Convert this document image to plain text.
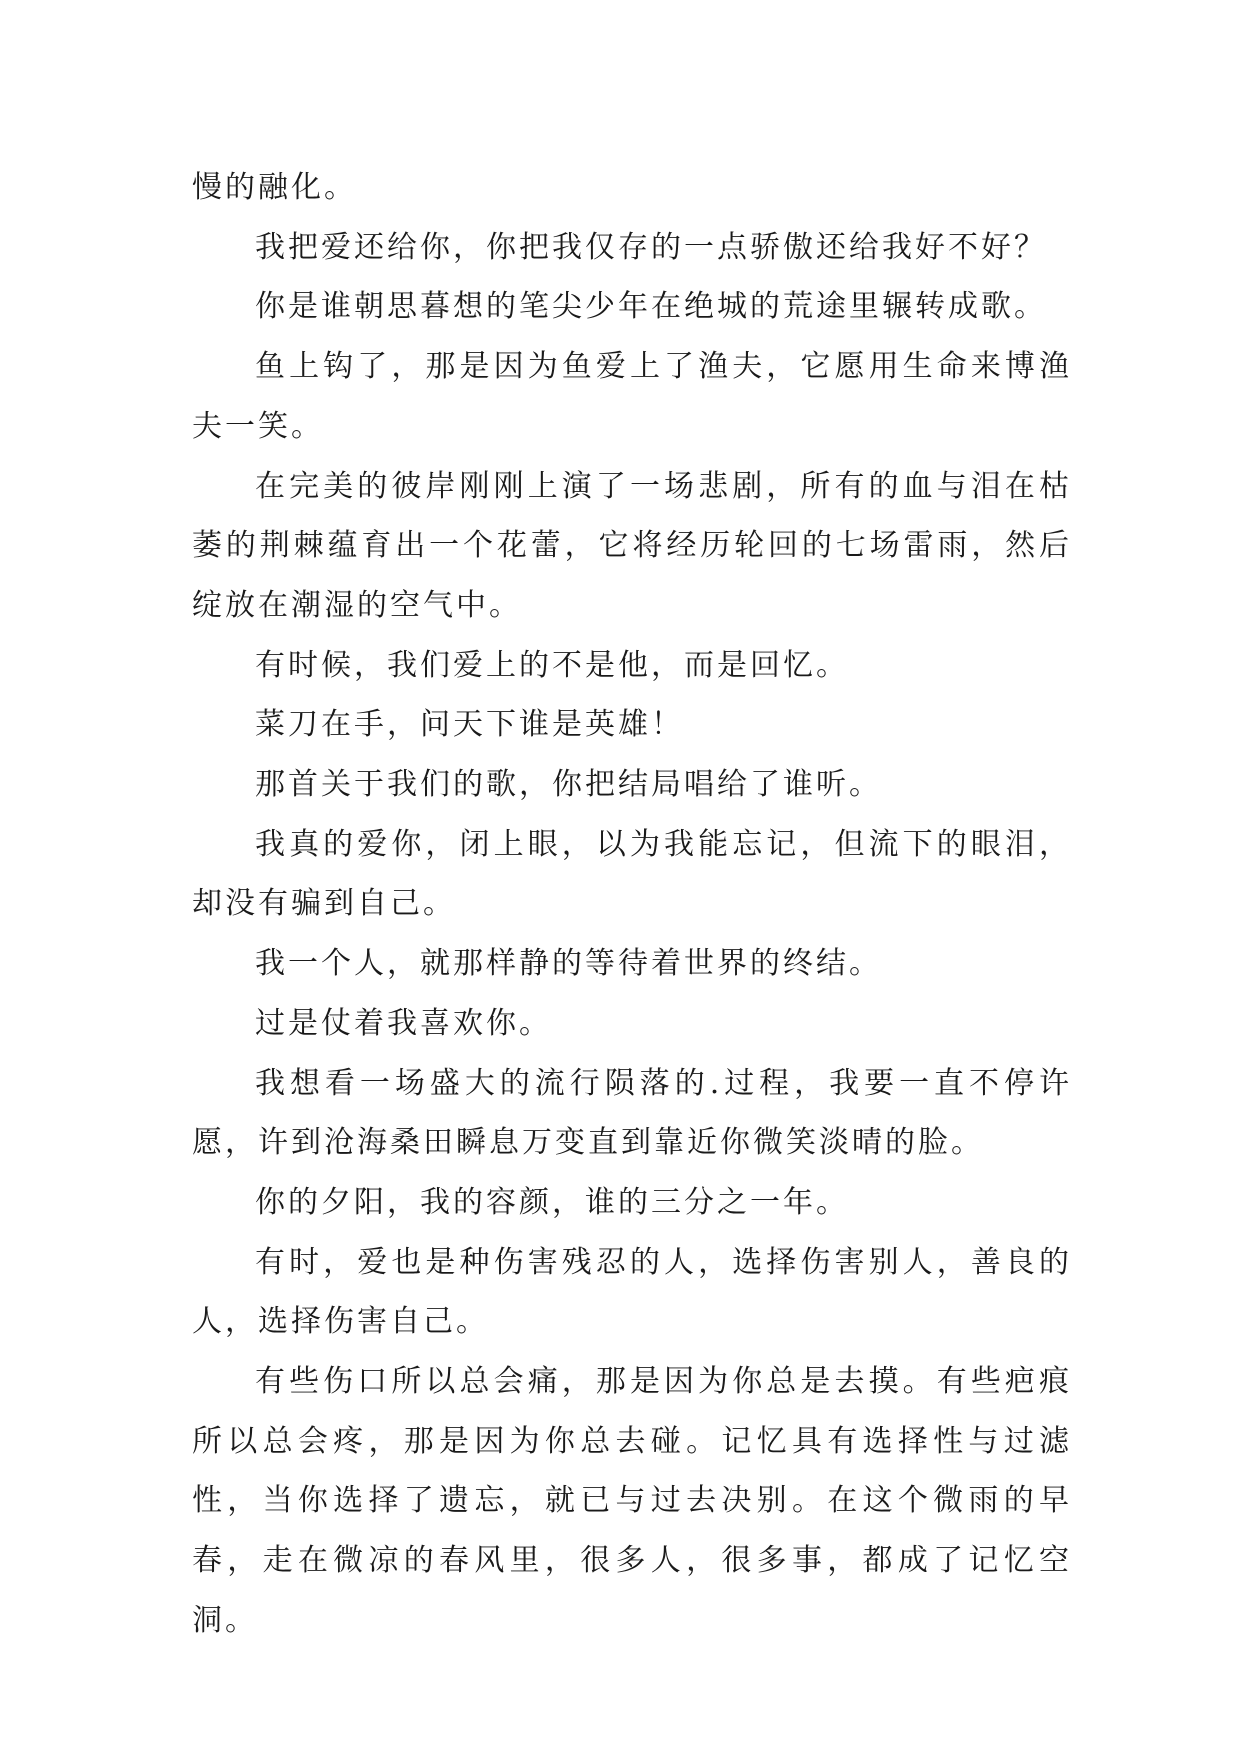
慢的融化。

我把爱还给你，你把我仅存的一点骄傲还给我好不好？

你是谁朝思暮想的笔尖少年在绝城的荒途里辗转成歌。

鱼上钩了，那是因为鱼爱上了渔夫，它愿用生命来博渔夫一笑。

在完美的彼岸刚刚上演了一场悲剧，所有的血与泪在枯萎的荆棘蕴育出一个花蕾，它将经历轮回的七场雷雨，然后绽放在潮湿的空气中。

有时候，我们爱上的不是他，而是回忆。

菜刀在手，问天下谁是英雄！

那首关于我们的歌，你把结局唱给了谁听。

我真的爱你，闭上眼，以为我能忘记，但流下的眼泪，却没有骗到自己。

我一个人，就那样静的等待着世界的终结。

过是仗着我喜欢你。

我想看一场盛大的流行陨落的.过程，我要一直不停许愿，许到沧海桑田瞬息万变直到靠近你微笑淡晴的脸。

你的夕阳，我的容颜，谁的三分之一年。

有时，爱也是种伤害残忍的人，选择伤害别人，善良的人，选择伤害自己。

有些伤口所以总会痛，那是因为你总是去摸。有些疤痕所以总会疼，那是因为你总去碰。记忆具有选择性与过滤性，当你选择了遗忘，就已与过去决别。在这个微雨的早春，走在微凉的春风里，很多人，很多事，都成了记忆空洞。
